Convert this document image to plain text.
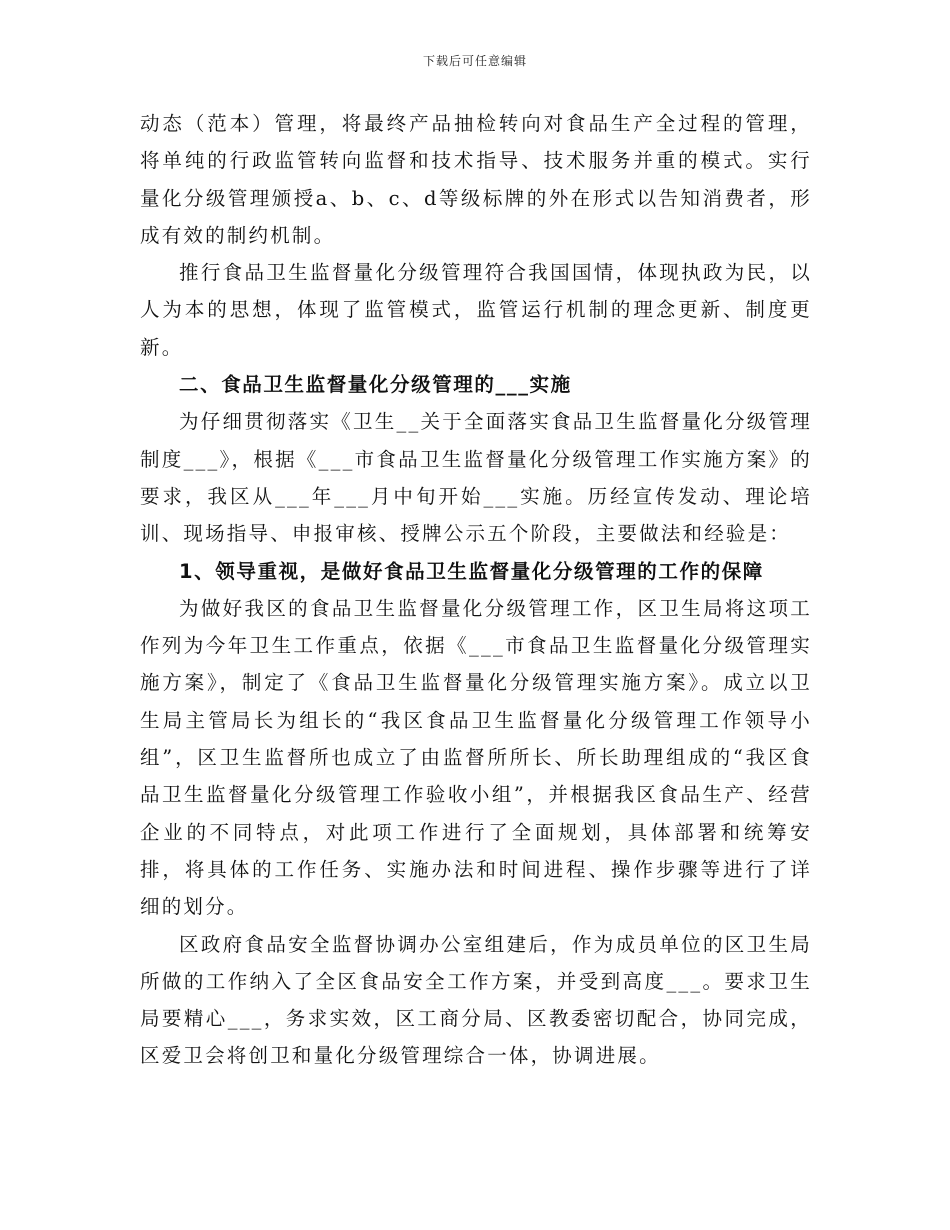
下载后可任意编辑

动态（范本）管理，将最终产品抽检转向对食品生产全过程的管理，将单纯的行政监管转向监督和技术指导、技术服务并重的模式。实行量化分级管理颁授a、b、c、d等级标牌的外在形式以告知消费者，形成有效的制约机制。

推行食品卫生监督量化分级管理符合我国国情，体现执政为民，以人为本的思想，体现了监管模式，监管运行机制的理念更新、制度更新。

二、食品卫生监督量化分级管理的___实施

为仔细贯彻落实《卫生__关于全面落实食品卫生监督量化分级管理制度___》，根据《___市食品卫生监督量化分级管理工作实施方案》的要求，我区从___年___月中旬开始___实施。历经宣传发动、理论培训、现场指导、申报审核、授牌公示五个阶段，主要做法和经验是：

1、领导重视，是做好食品卫生监督量化分级管理的工作的保障

为做好我区的食品卫生监督量化分级管理工作，区卫生局将这项工作列为今年卫生工作重点，依据《___市食品卫生监督量化分级管理实施方案》，制定了《食品卫生监督量化分级管理实施方案》。成立以卫生局主管局长为组长的“我区食品卫生监督量化分级管理工作领导小组”，区卫生监督所也成立了由监督所所长、所长助理组成的“我区食品卫生监督量化分级管理工作验收小组”，并根据我区食品生产、经营企业的不同特点，对此项工作进行了全面规划，具体部署和统筹安排，将具体的工作任务、实施办法和时间进程、操作步骤等进行了详细的划分。

区政府食品安全监督协调办公室组建后，作为成员单位的区卫生局所做的工作纳入了全区食品安全工作方案，并受到高度___。要求卫生局要精心___，务求实效，区工商分局、区教委密切配合，协同完成，区爱卫会将创卫和量化分级管理综合一体，协调进展。
